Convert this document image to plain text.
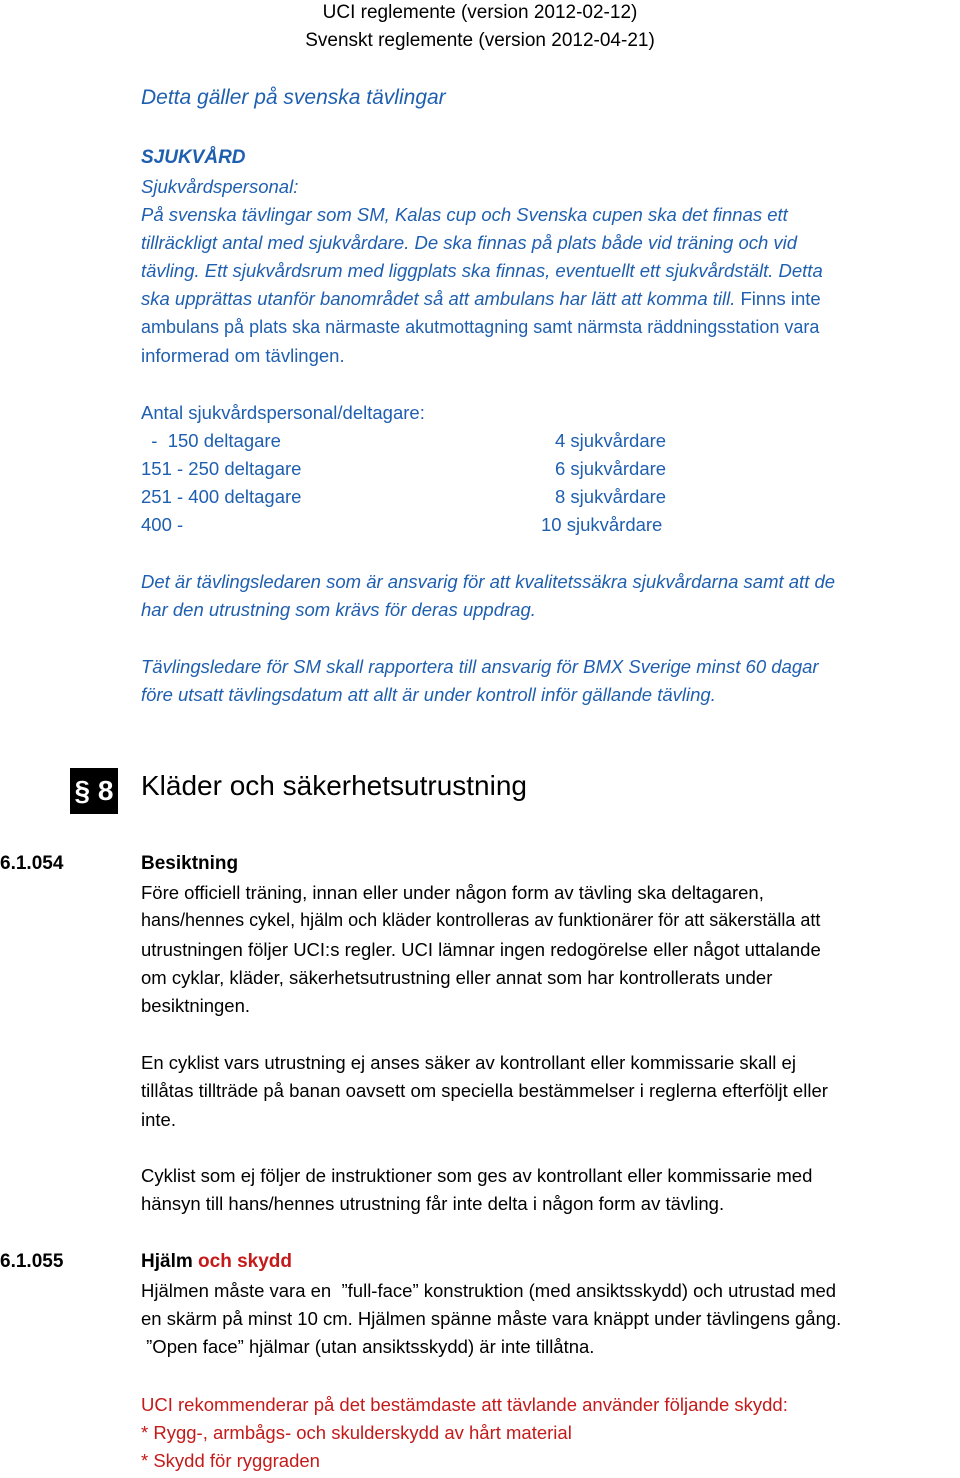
UCI reglemente (version 2012-02-12)
Svenskt reglemente (version 2012-04-21)
Detta gäller på svenska tävlingar
SJUKVÅRD
Sjukvårdspersonal:
På svenska tävlingar som SM, Kalas cup och Svenska cupen ska det finnas ett
tillräckligt antal med sjukvårdare. De ska finnas på plats både vid träning och vid
tävling. Ett sjukvårdsrum med liggplats ska finnas, eventuellt ett sjukvårdstält. Detta
ska upprättas utanför banområdet så att ambulans har lätt att komma till. Finns inte
ambulans på plats ska närmaste akutmottagning samt närmsta räddningsstation vara
informerad om tävlingen.
Antal sjukvårdspersonal/deltagare:
-  150 deltagare	4 sjukvårdare
151 - 250 deltagare	6 sjukvårdare
251 - 400 deltagare	8 sjukvårdare
400 -	10 sjukvårdare
Det är tävlingsledaren som är ansvarig för att kvalitetssäkra sjukvårdarna samt att de
har den utrustning som krävs för deras uppdrag.
Tävlingsledare för SM skall rapportera till ansvarig för BMX Sverige minst 60 dagar
före utsatt tävlingsdatum att allt är under kontroll inför gällande tävling.
§ 8 Kläder och säkerhetsutrustning
6.1.054	Besiktning
Före officiell träning, innan eller under någon form av tävling ska deltagaren,
hans/hennes cykel, hjälm och kläder kontrolleras av funktionärer för att säkerställa att
utrustningen följer UCI:s regler. UCI lämnar ingen redogörelse eller något uttalande
om cyklar, kläder, säkerhetsutrustning eller annat som har kontrollerats under
besiktningen.
En cyklist vars utrustning ej anses säker av kontrollant eller kommissarie skall ej
tillåtas tillträde på banan oavsett om speciella bestämmelser i reglerna efterföljt eller
inte.
Cyklist som ej följer de instruktioner som ges av kontrollant eller kommissarie med
hänsyn till hans/hennes utrustning får inte delta i någon form av tävling.
6.1.055	Hjälm och skydd
Hjälmen måste vara en  ”full-face” konstruktion (med ansiktsskydd) och utrustad med
en skärm på minst 10 cm. Hjälmen spänne måste vara knäppt under tävlingens gång.
”Open face” hjälmar (utan ansiktsskydd) är inte tillåtna.
UCI rekommenderar på det bestämdaste att tävlande använder följande skydd:
* Rygg-, armbågs- och skulderskydd av hårt material
* Skydd för ryggraden
